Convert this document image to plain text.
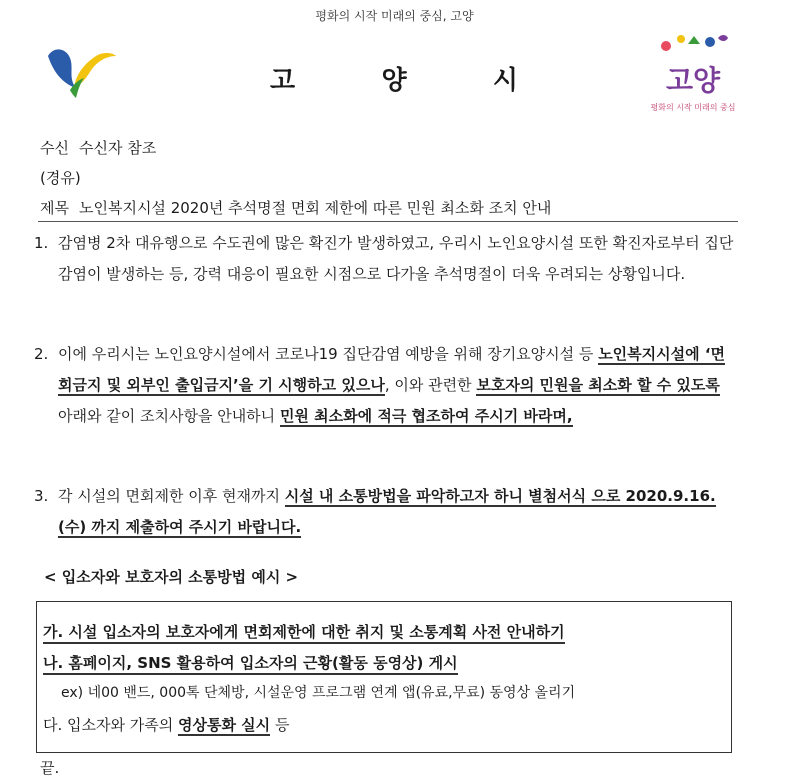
평화의 시작 미래의 중심, 고양
고	양	시	고양
평화의 시작 미래의 중심
수신 수신자 참조
(경유)
제목 노인복지시설 2020년 추석명절 면회 제한에 따른 민원 최소화 조치 안내
1. 감염병 2차 대유행으로 수도권에 많은 확진가 발생하였고, 우리시 노인요양시설 또한 확진자로부터 집단감염이 발생하는 등, 강력 대응이 필요한 시점으로 다가올 추석명절이 더욱 우려되는 상황입니다.
2. 이에 우리시는 노인요양시설에서 코로나19 집단감염 예방을 위해 장기요양시설 등 노인복지시설에 ‘면회금지 및 외부인 출입금지’을 기 시행하고 있으나, 이와 관련한 보호자의 민원을 최소화 할 수 있도록 아래와 같이 조치사항을 안내하니 민원 최소화에 적극 협조하여 주시기 바라며,
3. 각 시설의 면회제한 이후 현재까지 시설 내 소통방법을 파악하고자 하니 별첨서식 으로 2020.9.16.(수) 까지 제출하여 주시기 바랍니다.
< 입소자와 보호자의 소통방법 예시 >
가. 시설 입소자의 보호자에게 면회제한에 대한 취지 및 소통계획 사전 안내하기
나. 홈페이지, SNS 활용하여 입소자의 근황(활동 동영상) 게시
ex) 네00 밴드, 000톡 단체방, 시설운영 프로그램 연계 앱(유료,무료) 동영상 올리기
다. 입소자와 가족의 영상통화 실시 등
끝.
